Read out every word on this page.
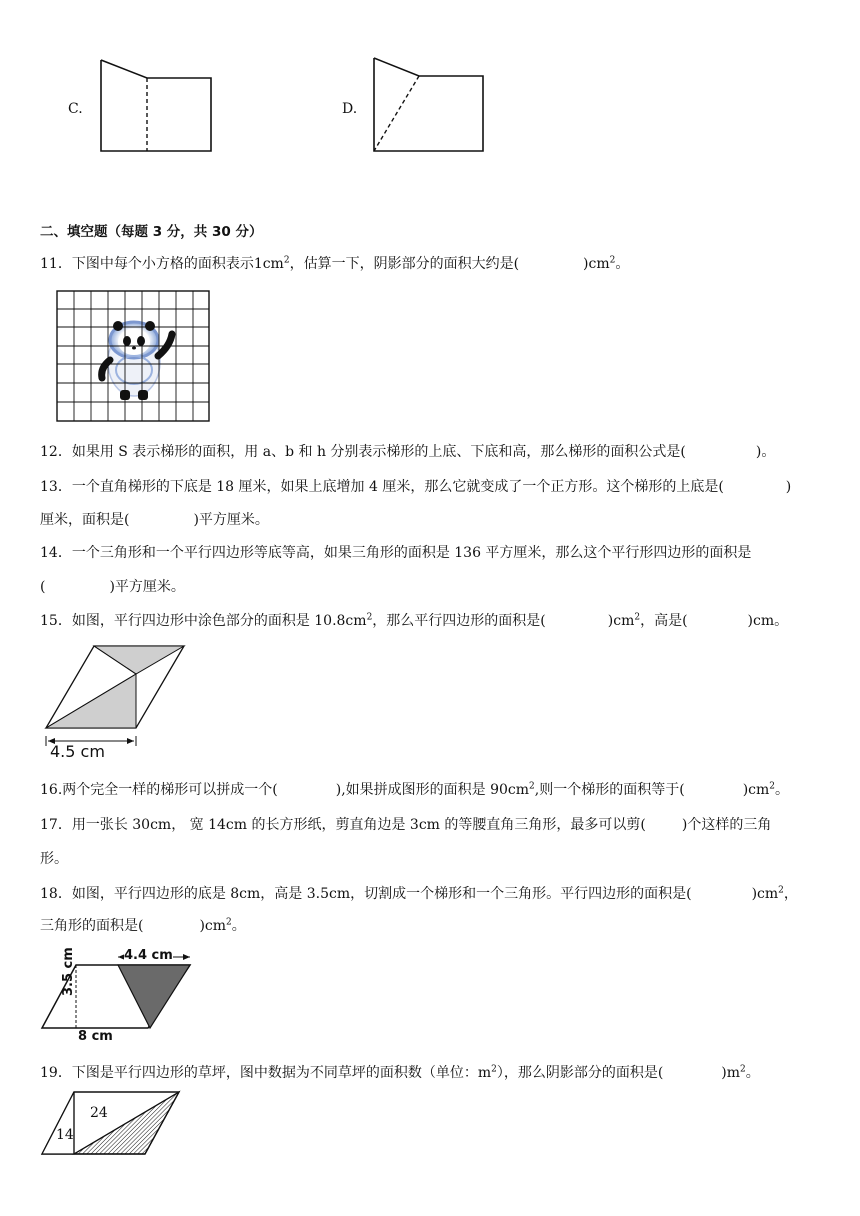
C.	D.
二、填空题（每题 3 分，共 30 分）
11．下图中每个小方格的面积表示$1cm^2$，估算一下，阴影部分的面积大约是(	)$cm^2$。
12．如果用 S 表示梯形的面积，用 a、b 和 h 分别表示梯形的上底、下底和高，那么梯形的面积公式是(	)。
13．一个直角梯形的下底是 18 厘米，如果上底增加 4 厘米，那么它就变成了一个正方形。这个梯形的上底是(	)
厘米，面积是(	)平方厘米。
14．一个三角形和一个平行四边形等底等高，如果三角形的面积是 136 平方厘米，那么这个平行形四边形的面积是
(	)平方厘米。
15．如图，平行四边形中涂色部分的面积是 $10.8cm^2$，那么平行四边形的面积是(	)$cm^2$，高是(	)cm。
4.5 cm
16.两个完全一样的梯形可以拼成一个(	),如果拼成图形的面积是 $90cm^2$,则一个梯形的面积等于(	)$cm^2$。
17．用一张长 30cm， 宽 14cm 的长方形纸，剪直角边是 3cm 的等腰直角三角形，最多可以剪(	)个这样的三角
形。
18．如图，平行四边形的底是 8cm，高是 3.5cm，切割成一个梯形和一个三角形。平行四边形的面积是(	)$cm^2$，
三角形的面积是(	)$cm^2$。
4.4 cm
3.5 cm
8 cm
19．下图是平行四边形的草坪，图中数据为不同草坪的面积数（单位：$m^2$），那么阴影部分的面积是(	)$m^2$。
14
24
